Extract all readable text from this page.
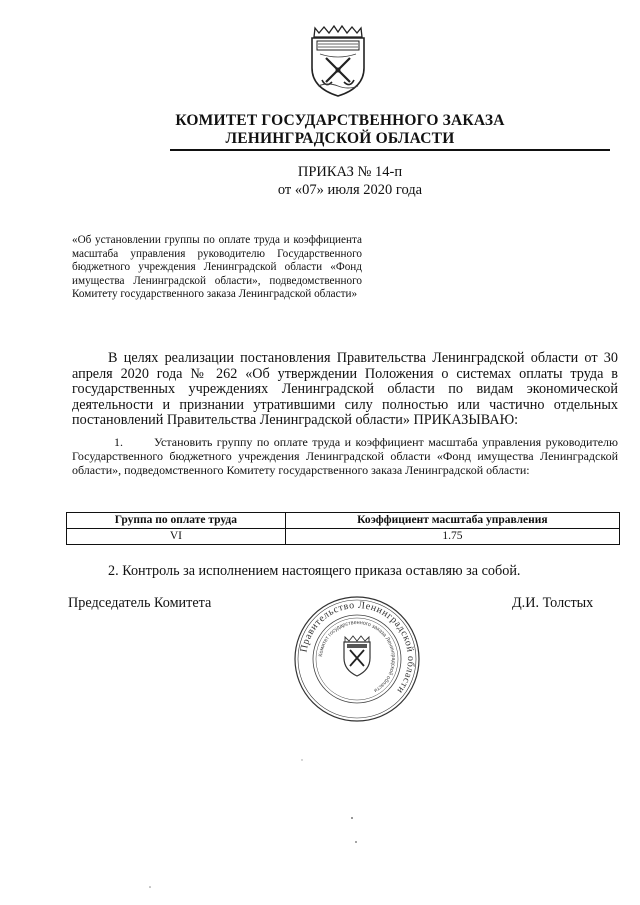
КОМИТЕТ ГОСУДАРСТВЕННОГО ЗАКАЗА
ЛЕНИНГРАДСКОЙ ОБЛАСТИ
ПРИКАЗ № 14-п
от «07» июля 2020 года
«Об установлении группы по оплате труда и коэффициента масштаба управления руководителю Государственного бюджетного учреждения Ленинградской области «Фонд имущества Ленинградской области», подведомственного Комитету государственного заказа Ленинградской области»
В целях реализации постановления Правительства Ленинградской области от 30 апреля 2020 года № 262 «Об утверждении Положения о системах оплаты труда в государственных учреждениях Ленинградской области по видам экономической деятельности и признании утратившими силу полностью или частично отдельных постановлений Правительства Ленинградской области» ПРИКАЗЫВАЮ:
1.	Установить группу по оплате труда и коэффициент масштаба управления руководителю Государственного бюджетного учреждения Ленинградской области «Фонд имущества Ленинградской области», подведомственного Комитету государственного заказа Ленинградской области:
Группа по оплате труда	Коэффициент масштаба управления
VI	1.75
2. Контроль за исполнением настоящего приказа оставляю за собой.
Председатель Комитета	Д.И. Толстых
Правительство Ленинградской области
Комитет государственного заказа Ленинградской области
